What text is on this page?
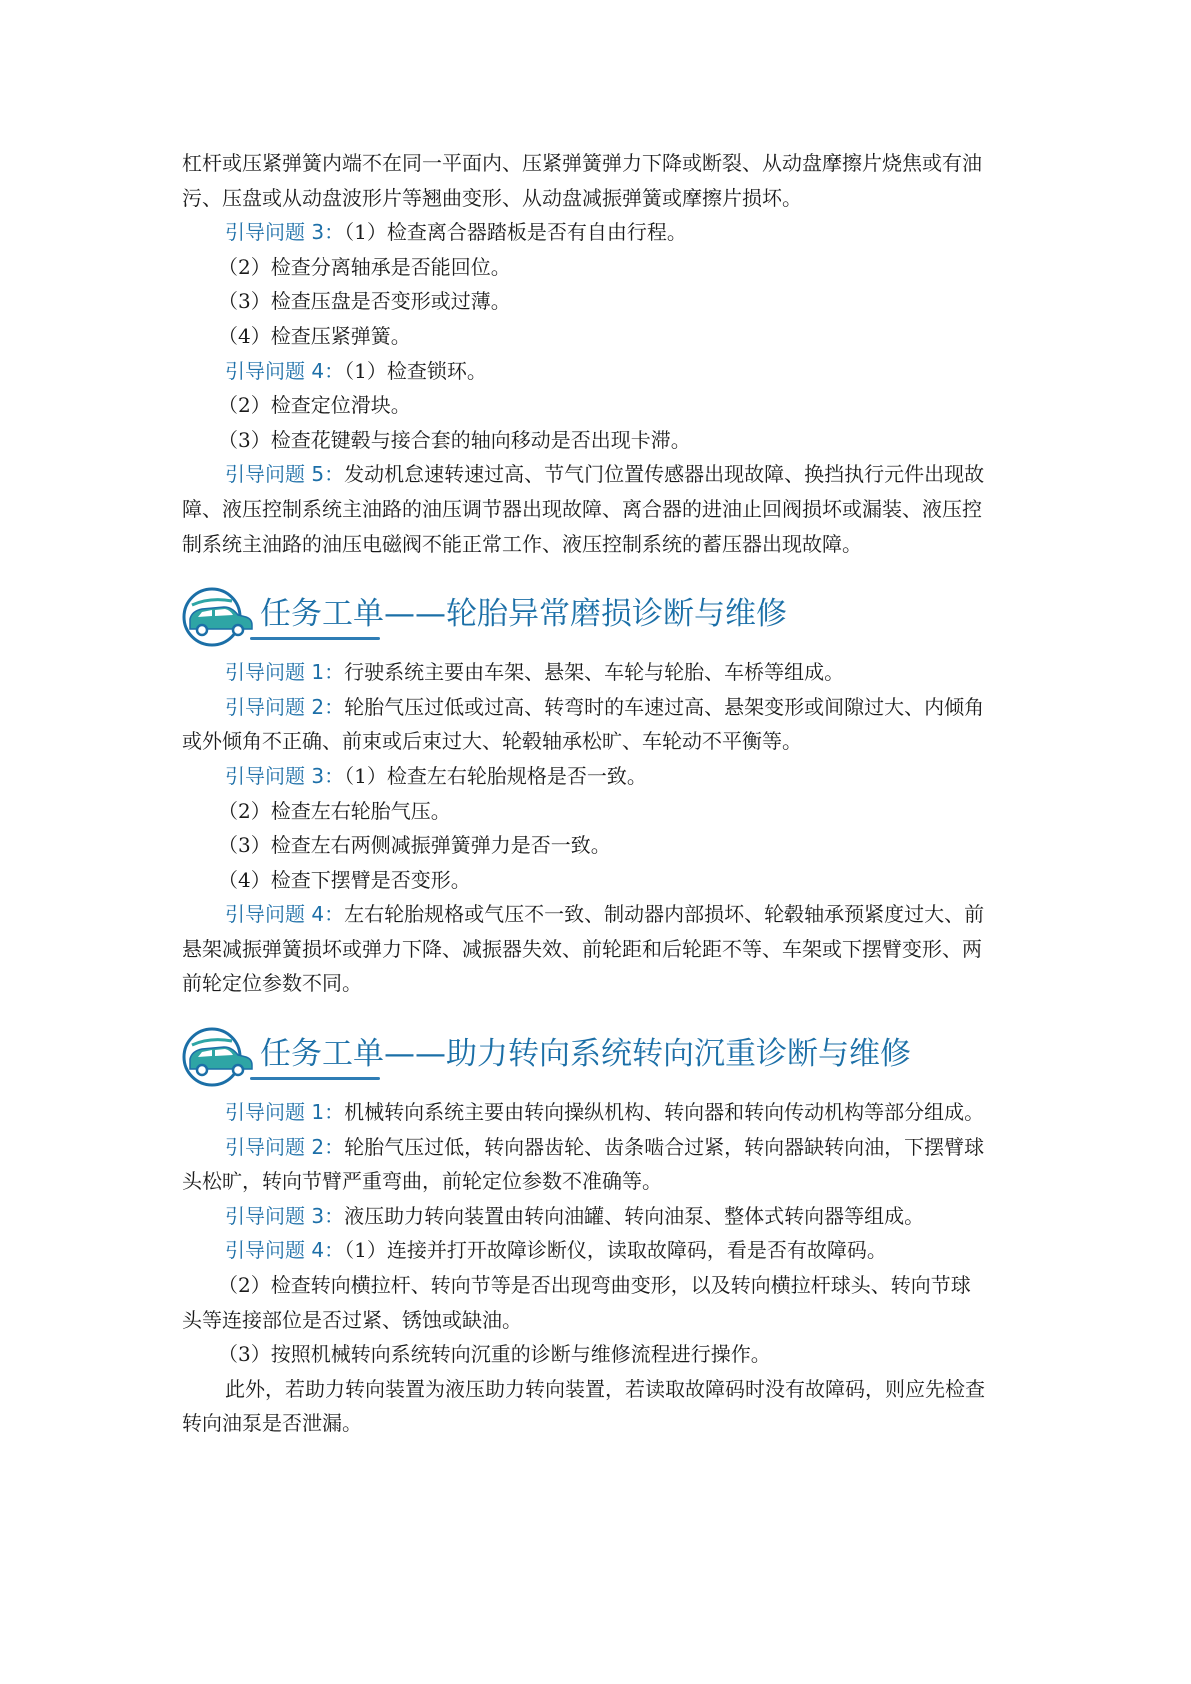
杠杆或压紧弹簧内端不在同一平面内、压紧弹簧弹力下降或断裂、从动盘摩擦片烧焦或有油

污、压盘或从动盘波形片等翘曲变形、从动盘减振弹簧或摩擦片损坏。

引导问题 3：（1）检查离合器踏板是否有自由行程。

（2）检查分离轴承是否能回位。

（3）检查压盘是否变形或过薄。

（4）检查压紧弹簧。

引导问题 4：（1）检查锁环。

（2）检查定位滑块。

（3）检查花键毂与接合套的轴向移动是否出现卡滞。

引导问题 5：发动机怠速转速过高、节气门位置传感器出现故障、换挡执行元件出现故

障、液压控制系统主油路的油压调节器出现故障、离合器的进油止回阀损坏或漏装、液压控

制系统主油路的油压电磁阀不能正常工作、液压控制系统的蓄压器出现故障。

任务工单——轮胎异常磨损诊断与维修

引导问题 1：行驶系统主要由车架、悬架、车轮与轮胎、车桥等组成。

引导问题 2：轮胎气压过低或过高、转弯时的车速过高、悬架变形或间隙过大、内倾角

或外倾角不正确、前束或后束过大、轮毂轴承松旷、车轮动不平衡等。

引导问题 3：（1）检查左右轮胎规格是否一致。

（2）检查左右轮胎气压。

（3）检查左右两侧减振弹簧弹力是否一致。

（4）检查下摆臂是否变形。

引导问题 4：左右轮胎规格或气压不一致、制动器内部损坏、轮毂轴承预紧度过大、前

悬架减振弹簧损坏或弹力下降、减振器失效、前轮距和后轮距不等、车架或下摆臂变形、两

前轮定位参数不同。

任务工单——助力转向系统转向沉重诊断与维修

引导问题 1：机械转向系统主要由转向操纵机构、转向器和转向传动机构等部分组成。

引导问题 2：轮胎气压过低，转向器齿轮、齿条啮合过紧，转向器缺转向油，下摆臂球

头松旷，转向节臂严重弯曲，前轮定位参数不准确等。

引导问题 3：液压助力转向装置由转向油罐、转向油泵、整体式转向器等组成。

引导问题 4：（1）连接并打开故障诊断仪，读取故障码，看是否有故障码。

（2）检查转向横拉杆、转向节等是否出现弯曲变形，以及转向横拉杆球头、转向节球

头等连接部位是否过紧、锈蚀或缺油。

（3）按照机械转向系统转向沉重的诊断与维修流程进行操作。

此外，若助力转向装置为液压助力转向装置，若读取故障码时没有故障码，则应先检查

转向油泵是否泄漏。
